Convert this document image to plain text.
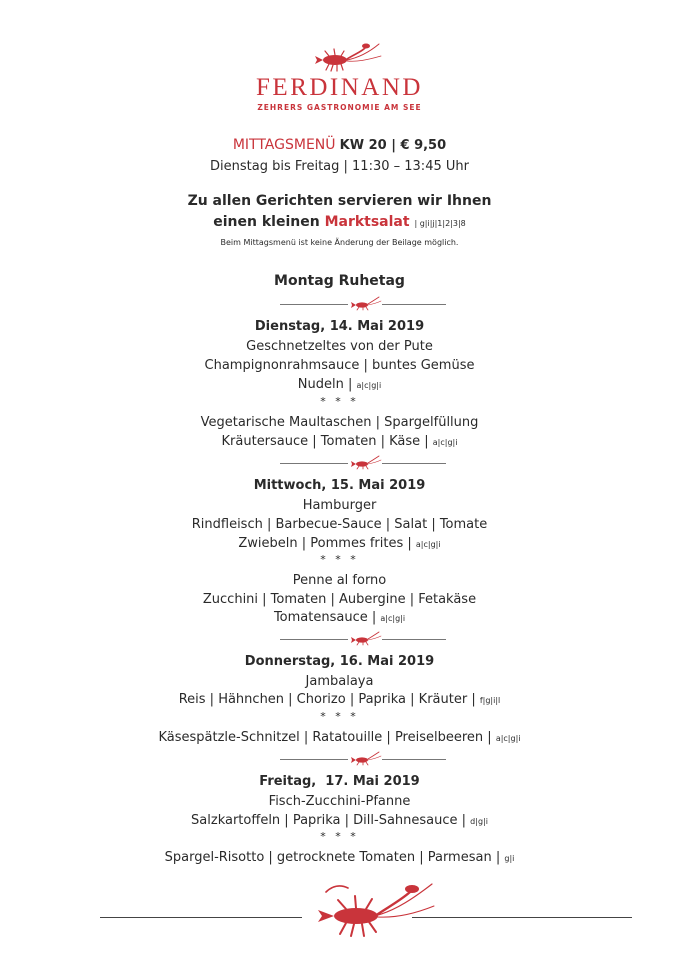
FERDINAND
ZEHRERS GASTRONOMIE AM SEE
MITTAGSMENÜ KW 20 | € 9,50
Dienstag bis Freitag | 11:30 – 13:45 Uhr
Zu allen Gerichten servieren wir Ihnen
einen kleinen Marktsalat | g|i|j|1|2|3|8
Beim Mittagsmenü ist keine Änderung der Beilage möglich.
Montag Ruhetag
Dienstag, 14. Mai 2019
Geschnetzeltes von der Pute
Champignonrahmsauce | buntes Gemüse
Nudeln | a|c|g|i
* * *
Vegetarische Maultaschen | Spargelfüllung
Kräutersauce | Tomaten | Käse | a|c|g|i
Mittwoch, 15. Mai 2019
Hamburger
Rindfleisch | Barbecue-Sauce | Salat | Tomate
Zwiebeln | Pommes frites | a|c|g|i
* * *
Penne al forno
Zucchini | Tomaten | Aubergine | Fetakäse
Tomatensauce | a|c|g|i
Donnerstag, 16. Mai 2019
Jambalaya
Reis | Hähnchen | Chorizo | Paprika | Kräuter | f|g|i|l
* * *
Käsespätzle-Schnitzel | Ratatouille | Preiselbeeren | a|c|g|i
Freitag,  17. Mai 2019
Fisch-Zucchini-Pfanne
Salzkartoffeln | Paprika | Dill-Sahnesauce | d|g|i
* * *
Spargel-Risotto | getrocknete Tomaten | Parmesan | g|i
